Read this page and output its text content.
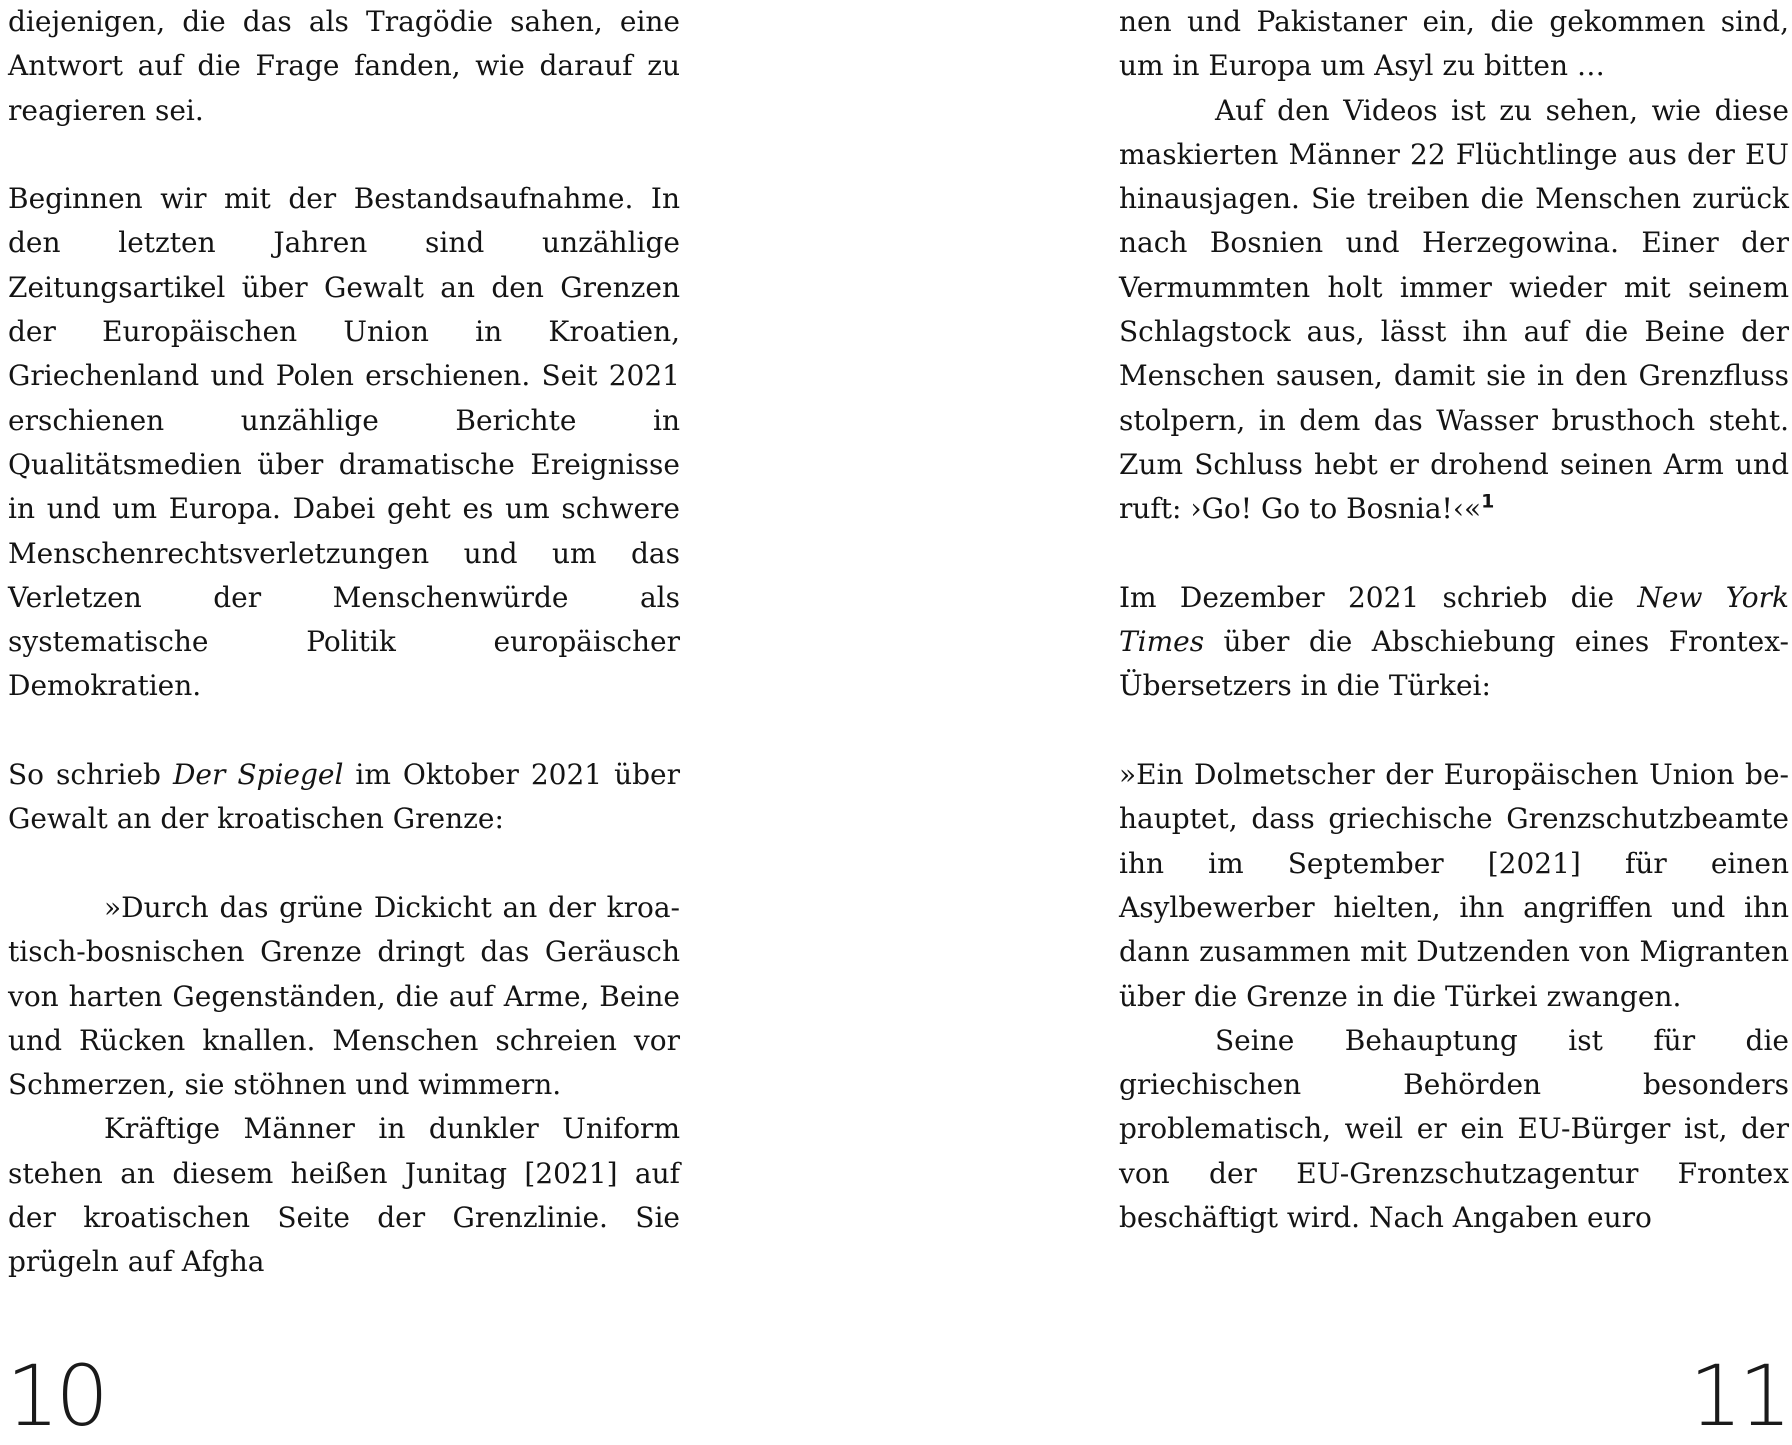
diejenigen, die das als Tragödie sahen, eine Antwort auf die Frage fanden, wie darauf zu reagieren sei.

Beginnen wir mit der Bestandsaufnahme. In den letzten Jahren sind unzählige Zeitungsartikel über Gewalt an den Grenzen der Europäischen Union in Kroatien, Griechenland und Polen erschienen. Seit 2021 erschienen unzählige Berichte in Qualitätsmedien über dramatische Ereignisse in und um Europa. Dabei geht es um schwere Menschenrechtsverletzungen und um das Verletzen der Menschenwürde als systematische Politik europäischer Demokratien.

So schrieb Der Spiegel im Oktober 2021 über Gewalt an der kroatischen Grenze:

»Durch das grüne Dickicht an der kroatisch-bosnischen Grenze dringt das Geräusch von harten Gegenständen, die auf Arme, Beine und Rücken knallen. Menschen schreien vor Schmerzen, sie stöhnen und wimmern.

Kräftige Männer in dunkler Uniform stehen an diesem heißen Junitag [2021] auf der kroatischen Seite der Grenzlinie. Sie prügeln auf Afgha

10

nen und Pakistaner ein, die gekommen sind, um in Europa um Asyl zu bitten …

Auf den Videos ist zu sehen, wie diese maskierten Männer 22 Flüchtlinge aus der EU hinausjagen. Sie treiben die Menschen zurück nach Bosnien und Herzegowina. Einer der Vermummten holt immer wieder mit seinem Schlagstock aus, lässt ihn auf die Beine der Menschen sausen, damit sie in den Grenzfluss stolpern, in dem das Wasser brusthoch steht. Zum Schluss hebt er drohend seinen Arm und ruft: ›Go! Go to Bosnia!‹«$^1$

Im Dezember 2021 schrieb die New York Times über die Abschiebung eines Frontex-Übersetzers in die Türkei:

»Ein Dolmetscher der Europäischen Union behauptet, dass griechische Grenzschutzbeamte ihn im September [2021] für einen Asylbewerber hielten, ihn angriffen und ihn dann zusammen mit Dutzenden von Migranten über die Grenze in die Türkei zwangen.

Seine Behauptung ist für die griechischen Behörden besonders problematisch, weil er ein EU-Bürger ist, der von der EU-Grenzschutzagentur Frontex beschäftigt wird. Nach Angaben euro

11
